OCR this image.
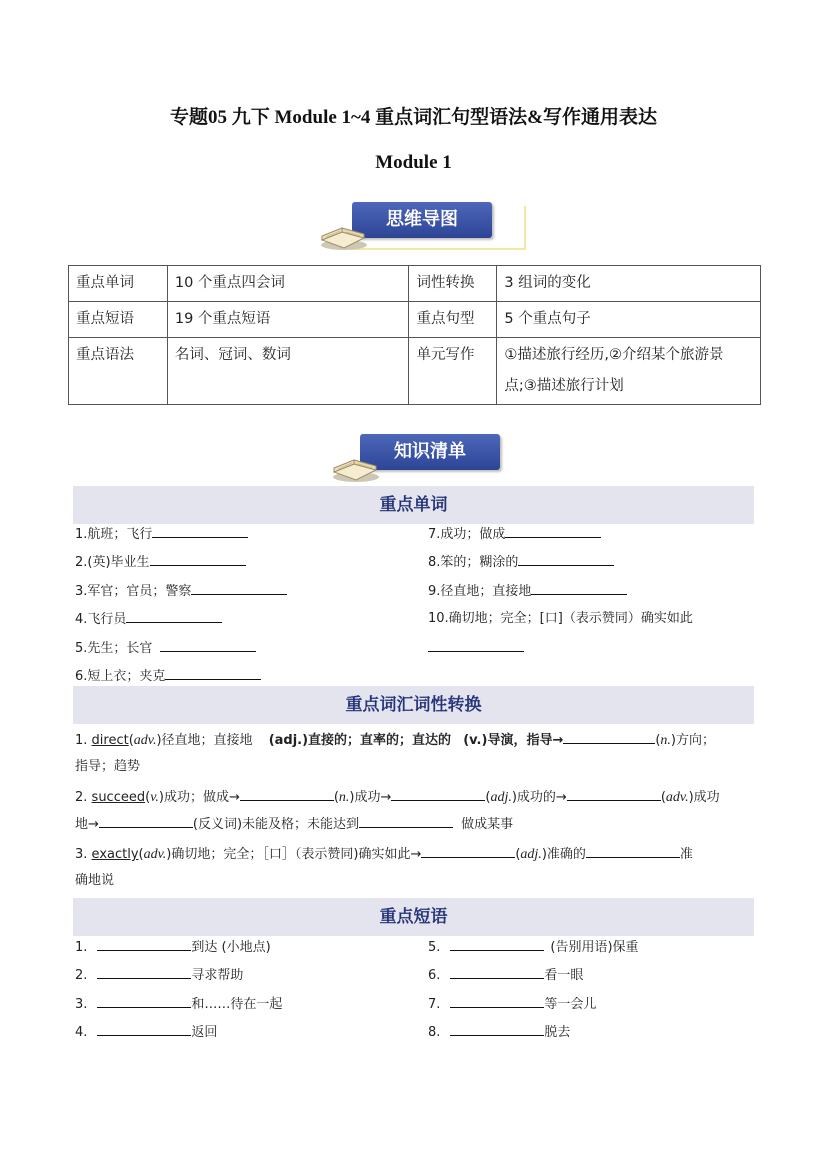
专题05 九下 Module 1~4 重点词汇句型语法&写作通用表达
Module 1
思维导图
重点单词	10 个重点四会词	词性转换	3 组词的变化
重点短语	19 个重点短语	重点句型	5 个重点句子
重点语法	名词、冠词、数词	单元写作	①描述旅行经历,②介绍某个旅游景点;③描述旅行计划
知识清单
重点单词
1.航班；飞行
2.(英)毕业生
3.军官；官员；警察
4.飞行员
5.先生；长官
6.短上衣；夹克
7.成功；做成
8.笨的；糊涂的
9.径直地；直接地
10.确切地；完全；[口]（表示赞同）确实如此
重点词汇词性转换
1. direct(adv.)径直地；直接地 (adj.)直接的；直率的；直达的 (v.)导演，指导→	(n.)方向；
指导；趋势
2. succeed(v.)成功；做成→	(n.)成功→	(adj.)成功的→	(adv.)成功
地→	(反义词)未能及格；未能达到	做成某事
3. exactly(adv.)确切地；完全；［口］（表示赞同)确实如此→	(adj.)准确的	准
确地说
重点短语
1.	到达 (小地点)
2.	寻求帮助
3.	和……待在一起
4.	返回
5.	(告别用语)保重
6.	看一眼
7.	等一会儿
8.	脱去
